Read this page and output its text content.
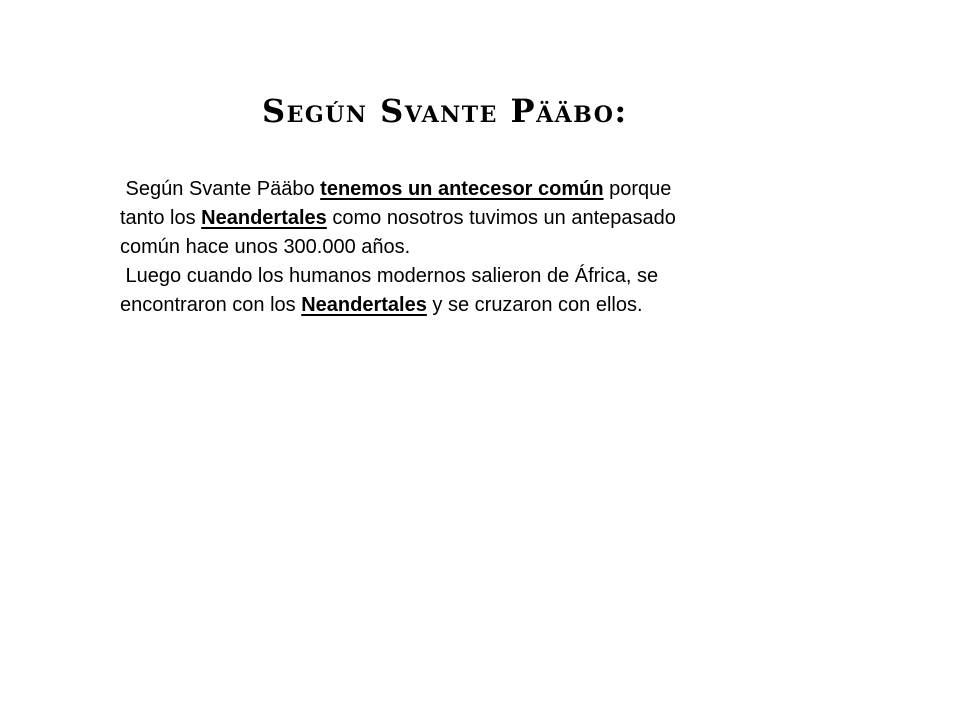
Según Svante Pääbo:

Según Svante Pääbo tenemos un antecesor común porque

tanto los Neandertales como nosotros tuvimos un antepasado

común hace unos 300.000 años.

Luego cuando los humanos modernos salieron de África, se

encontraron con los Neandertales y se cruzaron con ellos.
